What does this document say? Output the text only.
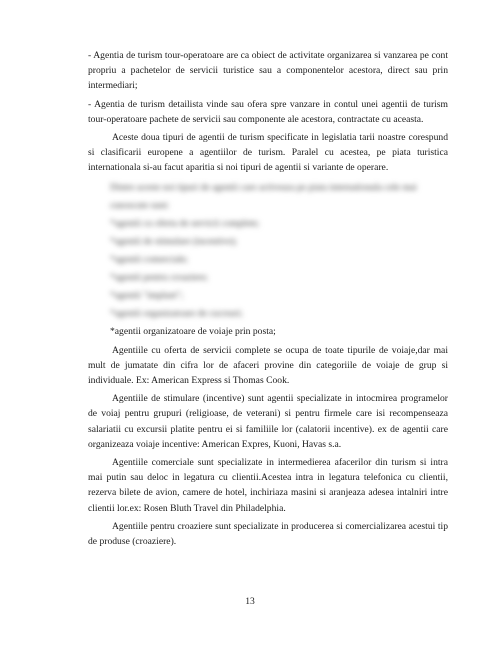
- Agentia de turism tour-operatoare are ca obiect de activitate organizarea si vanzarea pe cont propriu a pachetelor de servicii turistice sau a componentelor acestora, direct sau prin intermediari;

- Agentia de turism detailista vinde sau ofera spre vanzare in contul unei agentii de turism tour-operatoare pachete de servicii sau componente ale acestora, contractate cu aceasta.

Aceste doua tipuri de agentii de turism specificate in legislatia tarii noastre corespund si clasificarii europene a agentiilor de turism. Paralel cu acestea, pe piata turistica internationala si-au facut aparitia si noi tipuri de agentii si variante de operare.

Dintre aceste noi tipuri de agentii care activeaza pe piata internationala cele mai cunoscute sunt:
*agentii cu oferta de servicii complete;
*agentii de stimulare (incentive);
*agentii comerciale;
*agentii pentru croaziere;
*agentii "implant";
*agentii organizatoare de cucrsuri;
*agentii organizatoare de voiaje prin posta;

Agentiile cu oferta de servicii complete se ocupa de toate tipurile de voiaje,dar mai mult de jumatate din cifra lor de afaceri provine din categoriile de voiaje de grup si individuale. Ex: American Express si Thomas Cook.

Agentiile de stimulare (incentive) sunt agentii specializate in intocmirea programelor de voiaj pentru grupuri (religioase, de veterani) si pentru firmele care isi recompenseaza salariatii cu excursii platite pentru ei si familiile lor (calatorii incentive). ex de agentii care organizeaza voiaje incentive: American Expres, Kuoni, Havas s.a.

Agentiile comerciale sunt specializate in intermedierea afacerilor din turism si intra mai putin sau deloc in legatura cu clientii.Acestea intra in legatura telefonica cu clientii, rezerva bilete de avion, camere de hotel, inchiriaza masini si aranjeaza adesea intalniri intre clientii lor.ex: Rosen Bluth Travel din Philadelphia.

Agentiile pentru croaziere sunt specializate in producerea si comercializarea acestui tip de produse (croaziere).

13
